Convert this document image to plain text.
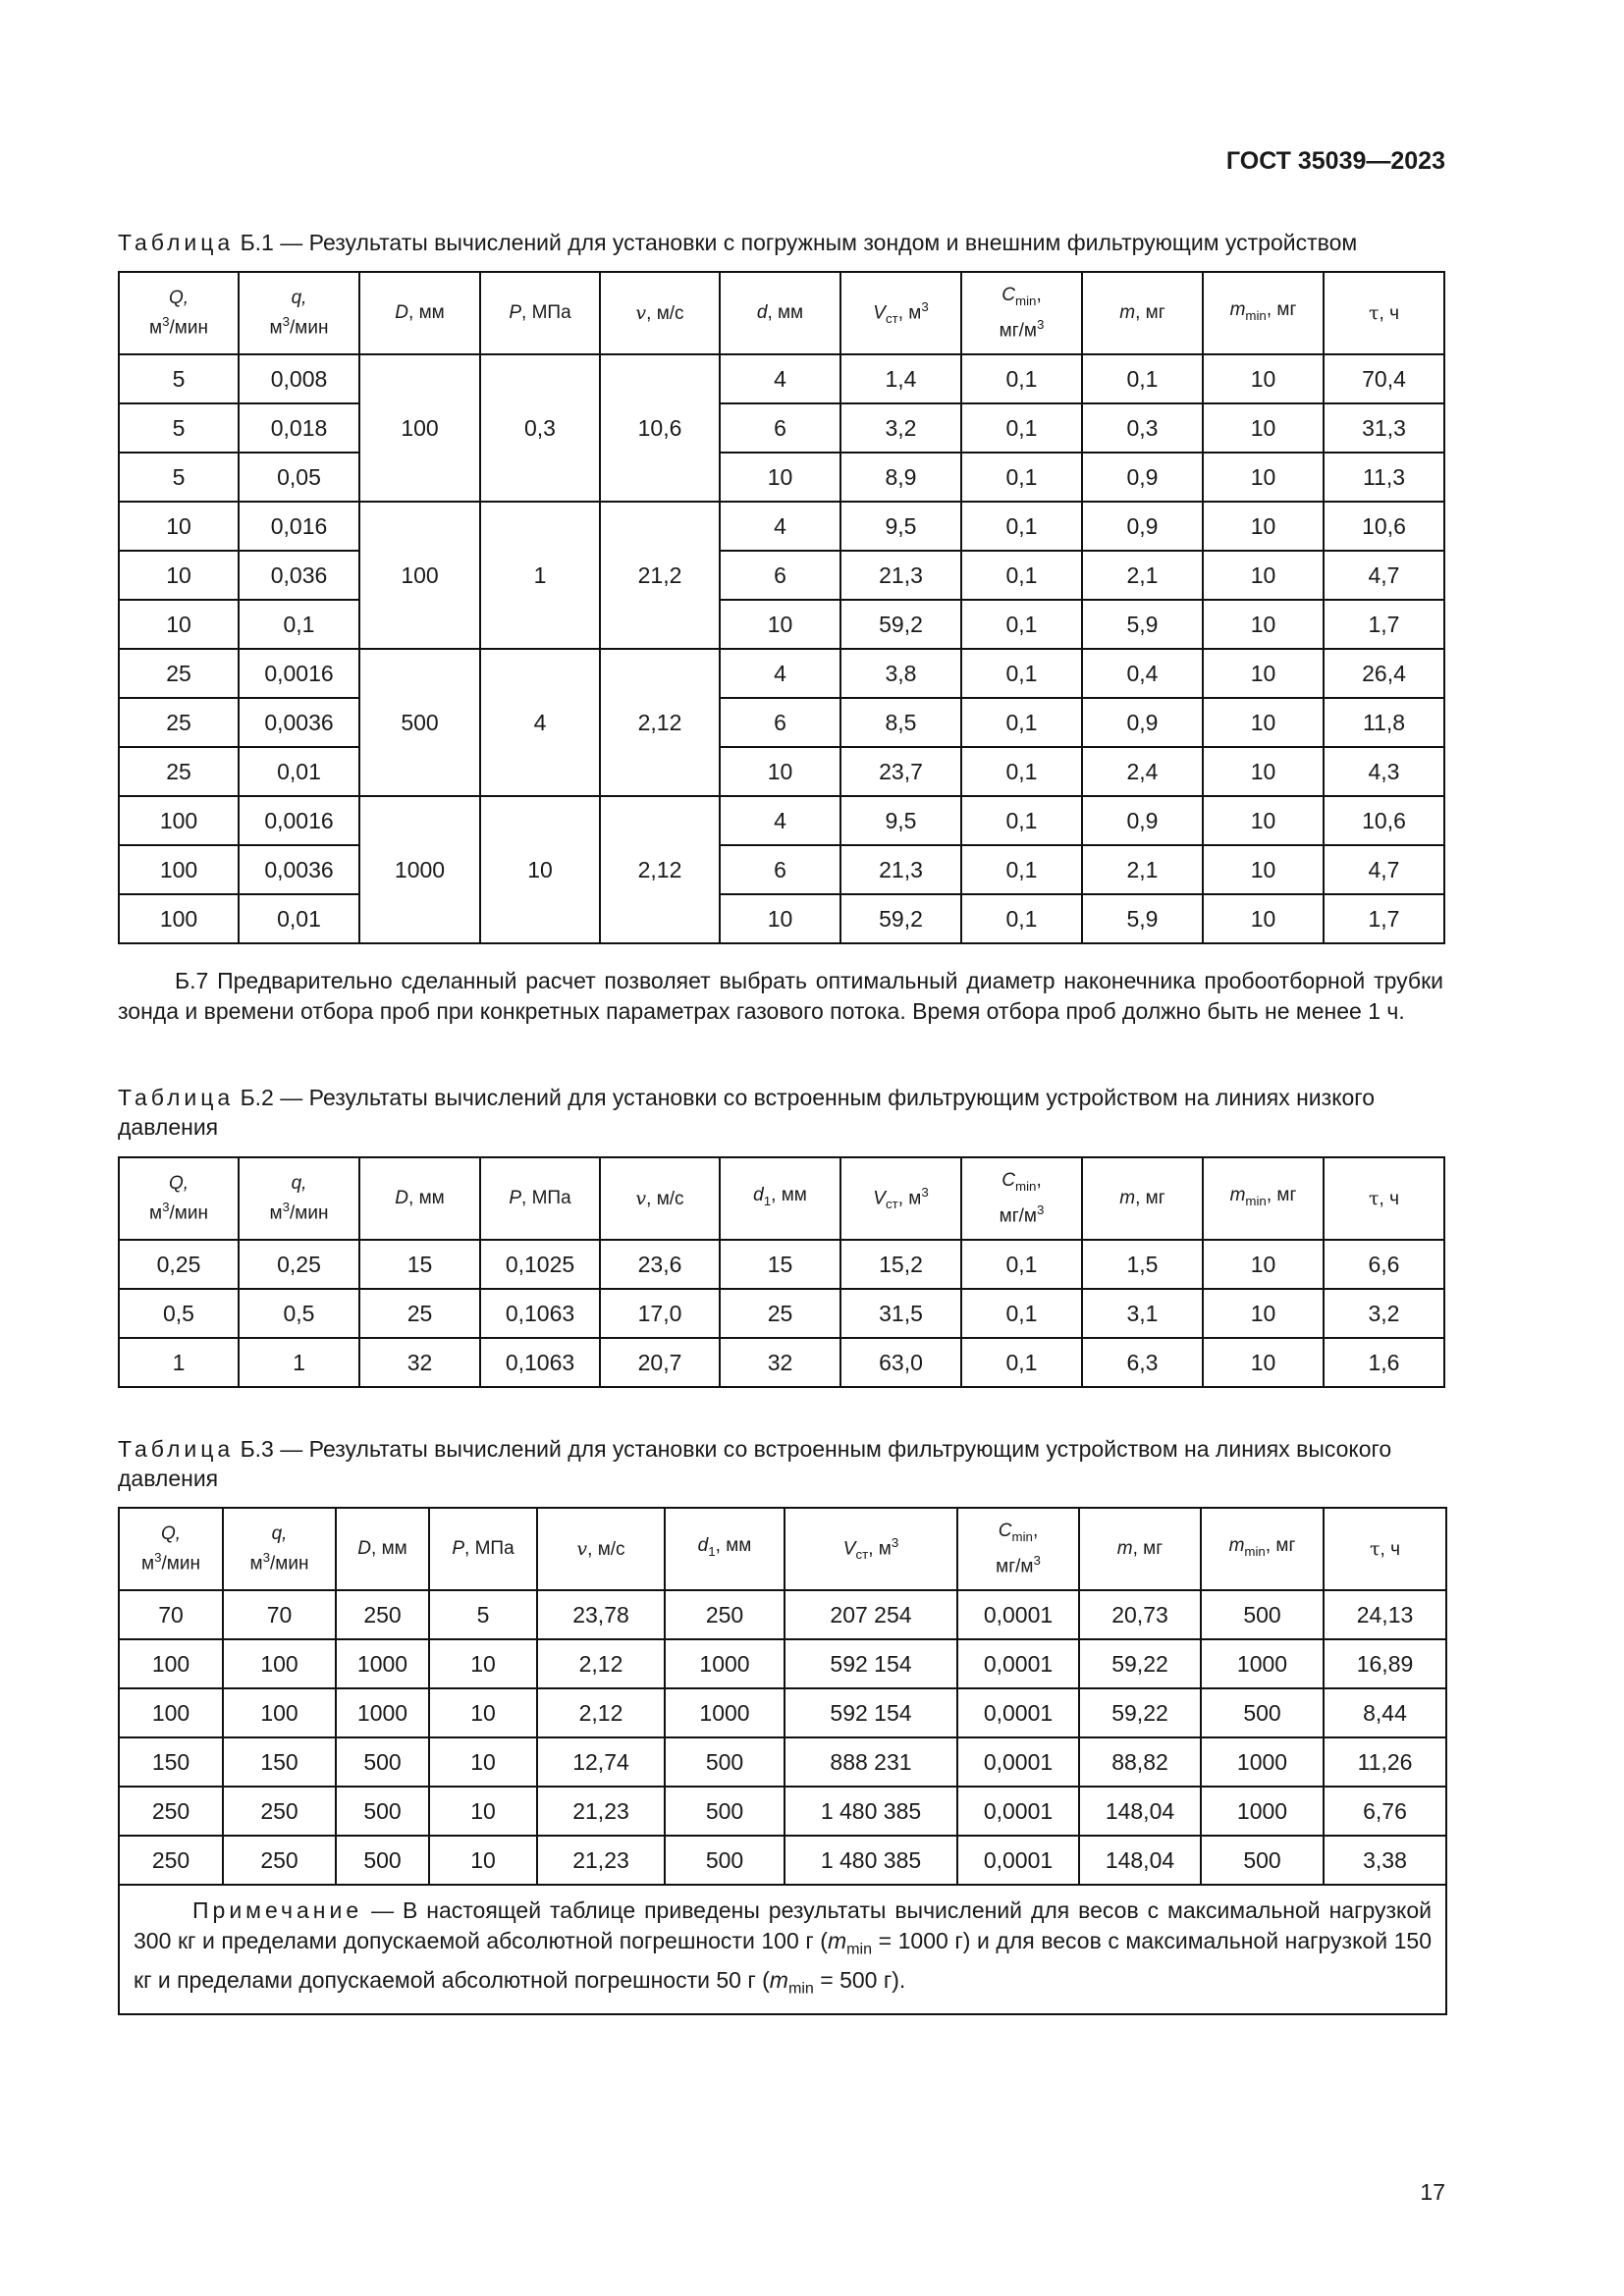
ГОСТ 35039—2023
Таблица Б.1 — Результаты вычислений для установки с погружным зондом и внешним фильтрующим устройством
Q,
$м^3$/мин	q,
$м^3$/мин	D, мм	P, МПа	v, м/с	d, мм	$V_{ст}$, $м^3$	$C_{min}$,
$мг/м^3$	m, мг	$m_{min}$, мг	τ, ч
5	0,008	100	0,3	10,6	4	1,4	0,1	0,1	10	70,4
5	0,018				6	3,2	0,1	0,3	10	31,3
5	0,05				10	8,9	0,1	0,9	10	11,3
10	0,016	100	1	21,2	4	9,5	0,1	0,9	10	10,6
10	0,036				6	21,3	0,1	2,1	10	4,7
10	0,1				10	59,2	0,1	5,9	10	1,7
25	0,0016	500	4	2,12	4	3,8	0,1	0,4	10	26,4
25	0,0036				6	8,5	0,1	0,9	10	11,8
25	0,01				10	23,7	0,1	2,4	10	4,3
100	0,0016	1000	10	2,12	4	9,5	0,1	0,9	10	10,6
100	0,0036				6	21,3	0,1	2,1	10	4,7
100	0,01				10	59,2	0,1	5,9	10	1,7
Б.7 Предварительно сделанный расчет позволяет выбрать оптимальный диаметр наконечника пробоотборной трубки зонда и времени отбора проб при конкретных параметрах газового потока. Время отбора проб должно быть не менее 1 ч.
Таблица Б.2 — Результаты вычислений для установки со встроенным фильтрующим устройством на линиях низкого давления
Q,
$м^3$/мин	q,
$м^3$/мин	D, мм	P, МПа	v, м/с	$d_1$, мм	$V_{ст}$, $м^3$	$C_{min}$,
$мг/м^3$	m, мг	$m_{min}$, мг	τ, ч
0,25	0,25	15	0,1025	23,6	15	15,2	0,1	1,5	10	6,6
0,5	0,5	25	0,1063	17,0	25	31,5	0,1	3,1	10	3,2
1	1	32	0,1063	20,7	32	63,0	0,1	6,3	10	1,6
Таблица Б.3 — Результаты вычислений для установки со встроенным фильтрующим устройством на линиях высокого давления
Q,
$м^3$/мин	q,
$м^3$/мин	D, мм	P, МПа	v, м/с	$d_1$, мм	$V_{ст}$, $м^3$	$C_{min}$,
$мг/м^3$	m, мг	$m_{min}$, мг	τ, ч
70	70	250	5	23,78	250	207 254	0,0001	20,73	500	24,13
100	100	1000	10	2,12	1000	592 154	0,0001	59,22	1000	16,89
100	100	1000	10	2,12	1000	592 154	0,0001	59,22	500	8,44
150	150	500	10	12,74	500	888 231	0,0001	88,82	1000	11,26
250	250	500	10	21,23	500	1 480 385	0,0001	148,04	1000	6,76
250	250	500	10	21,23	500	1 480 385	0,0001	148,04	500	3,38
Примечание — В настоящей таблице приведены результаты вычислений для весов с максимальной нагрузкой 300 кг и пределами допускаемой абсолютной погрешности 100 г ($m_{min} = 1000$ г) и для весов с максимальной нагрузкой 150 кг и пределами допускаемой абсолютной погрешности 50 г ($m_{min} = 500$ г).										
17
